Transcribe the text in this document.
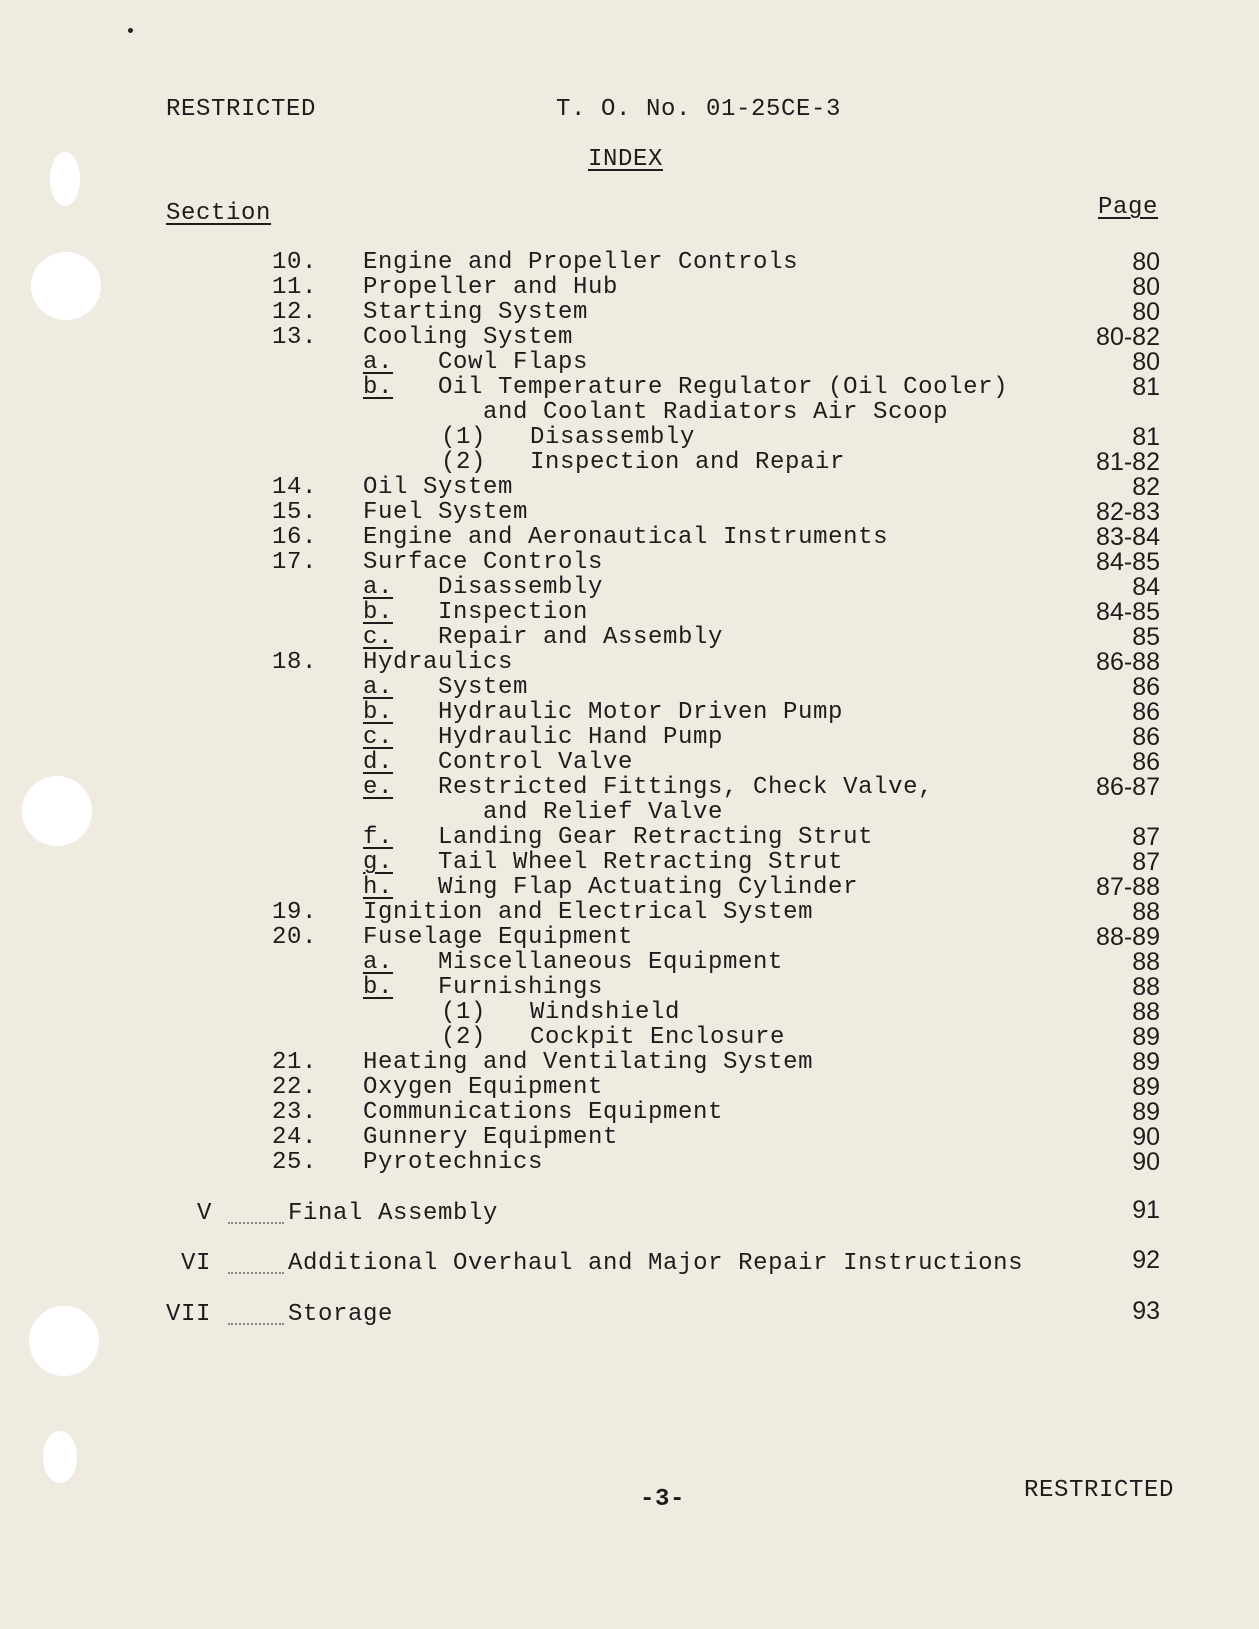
RESTRICTED	T. O. No. 01-25CE-3
INDEX
Section	Page
10. Engine and Propeller Controls	80
11. Propeller and Hub	80
12. Starting System	80
13. Cooling System	80-82
a. Cowl Flaps	80
b. Oil Temperature Regulator (Oil Cooler)	81
and Coolant Radiators Air Scoop
(1) Disassembly	81
(2) Inspection and Repair	81-82
14. Oil System	82
15. Fuel System	82-83
16. Engine and Aeronautical Instruments	83-84
17. Surface Controls	84-85
a. Disassembly	84
b. Inspection	84-85
c. Repair and Assembly	85
18. Hydraulics	86-88
a. System	86
b. Hydraulic Motor Driven Pump	86
c. Hydraulic Hand Pump	86
d. Control Valve	86
e. Restricted Fittings, Check Valve,	86-87
and Relief Valve
f. Landing Gear Retracting Strut	87
g. Tail Wheel Retracting Strut	87
h. Wing Flap Actuating Cylinder	87-88
19. Ignition and Electrical System	88
20. Fuselage Equipment	88-89
a. Miscellaneous Equipment	88
b. Furnishings	88
(1) Windshield	88
(2) Cockpit Enclosure	89
21. Heating and Ventilating System	89
22. Oxygen Equipment	89
23. Communications Equipment	89
24. Gunnery Equipment	90
25. Pyrotechnics	90
V	Final Assembly	91
VI	Additional Overhaul and Major Repair Instructions	92
VII	Storage	93
-3-	RESTRICTED
